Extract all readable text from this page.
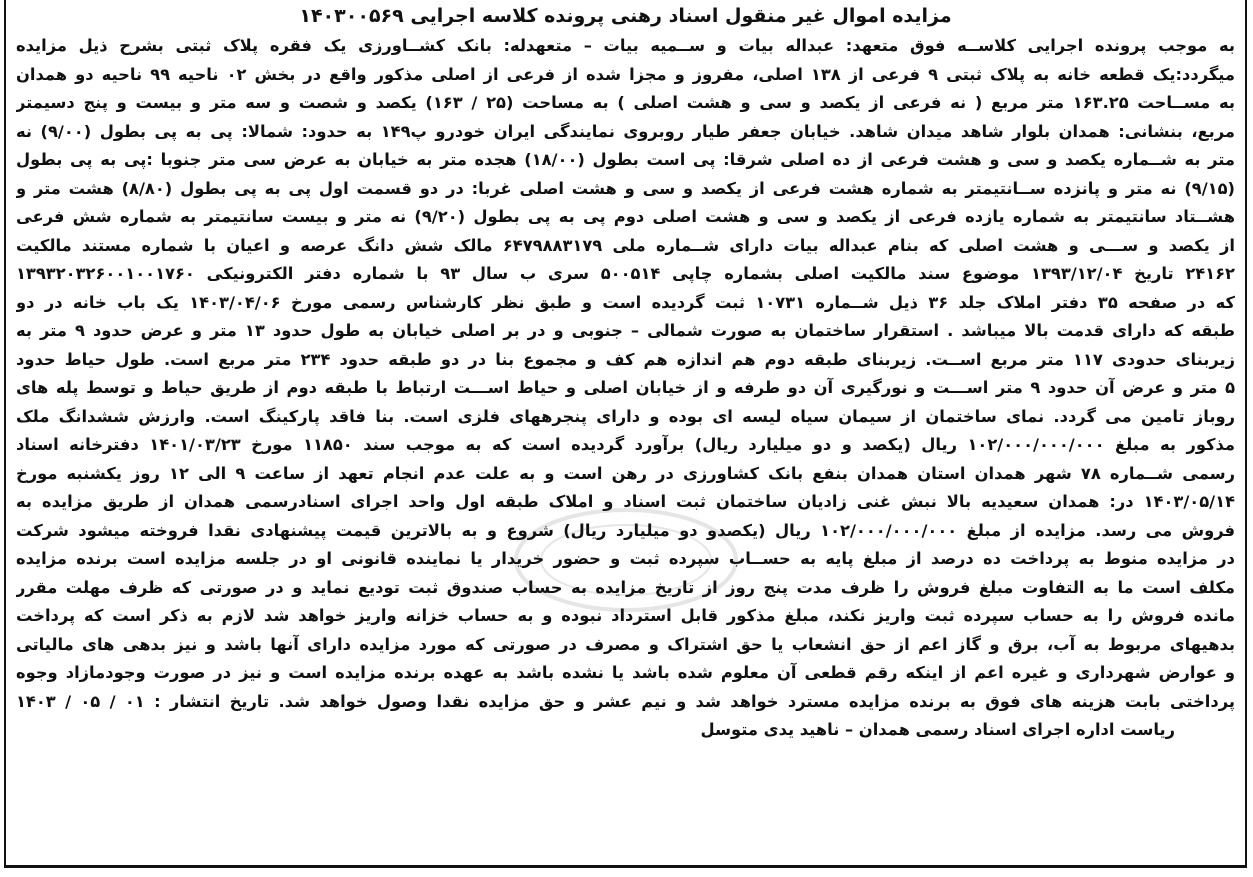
مزایده اموال غیر منقول اسناد رهنی پرونده کلاسه اجرایی ۱۴۰۳۰۰۵۶۹
به موجب پرونده اجرایی کلاســه فوق متعهد: عبداله بیات و ســمیه بیات – متعهدله: بانک کشــاورزی یک فقره پلاک ثبتی بشرح ذیل مزایده
میگردد:یک قطعه خانه به پلاک ثبتی ۹ فرعی از ۱۳۸ اصلی، مفروز و مجزا شده از فرعی از اصلی مذکور واقع در بخش ۰۲ ناحیه ۹۹ ناحیه دو همدان
به مســاحت ۱۶۳.۲۵ متر مربع ( نه فرعی از یکصد و سی و هشت اصلی ) به مساحت (۲۵ / ۱۶۳) یکصد و شصت و سه متر و بیست و پنج دسیمتر
مربع، بنشانی: همدان بلوار شاهد میدان شاهد. خیابان جعفر طیار روبروی نمایندگی ایران خودرو پ۱۴۹ به حدود: شمالا: پی به پی بطول (۹/۰۰) نه
متر به شــماره یکصد و سی و هشت فرعی از ده اصلی شرقا: پی است بطول (۱۸/۰۰) هجده متر به خیابان به عرض سی متر جنوبا :پی به پی بطول
(۹/۱۵) نه متر و پانزده ســانتیمتر به شماره هشت فرعی از یکصد و سی و هشت اصلی غربا: در دو قسمت اول پی به پی بطول (۸/۸۰) هشت متر و
هشــتاد سانتیمتر به شماره یازده فرعی از یکصد و سی و هشت اصلی دوم پی به پی بطول (۹/۲۰) نه متر و بیست سانتیمتر به شماره شش فرعی
از یکصد و ســـی و هشت اصلی که بنام عبداله بیات دارای شــماره ملی ۶۴۷۹۸۸۳۱۷۹ مالک شش دانگ عرصه و اعیان با شماره مستند مالکیت
۲۴۱۶۲ تاریخ ۱۳۹۳/۱۲/۰۴ موضوع سند مالکیت اصلی بشماره چاپی ۵۰۰۵۱۴ سری ب سال ۹۳ با شماره دفتر الکترونیکی ۱۳۹۳۲۰۳۲۶۰۰۱۰۰۱۷۶۰
که در صفحه ۳۵ دفتر املاک جلد ۳۶ ذیل شــماره ۱۰۷۳۱ ثبت گردیده است و طبق نظر کارشناس رسمی مورخ ۱۴۰۳/۰۴/۰۶ یک باب خانه در دو
طبقه که دارای قدمت بالا میباشد . استقرار ساختمان به صورت شمالی – جنوبی و در بر اصلی خیابان به طول حدود ۱۳ متر و عرض حدود ۹ متر به
زیربنای حدودی ۱۱۷ متر مربع اســت. زیربنای طبقه دوم هم اندازه هم کف و مجموع بنا در دو طبقه حدود ۲۳۴ متر مربع است. طول حیاط حدود
۵ متر و عرض آن حدود ۹ متر اســـت و نورگیری آن دو طرفه و از خیابان اصلی و حیاط اســـت ارتباط با طبقه دوم از طریق حیاط و توسط پله های
روباز تامین می گردد. نمای ساختمان از سیمان سیاه لیسه ای بوده و دارای پنجرههای فلزی است. بنا فاقد پارکینگ است. وارزش ششدانگ ملک
مذکور به مبلغ ۱۰۲/۰۰۰/۰۰۰/۰۰۰ ریال (یکصد و دو میلیارد ریال) برآورد گردیده است که به موجب سند ۱۱۸۵۰ مورخ ۱۴۰۱/۰۳/۲۳ دفترخانه اسناد
رسمی شــماره ۷۸ شهر همدان استان همدان بنفع بانک کشاورزی در رهن است و به علت عدم انجام تعهد از ساعت ۹ الی ۱۲ روز یکشنبه مورخ
۱۴۰۳/۰۵/۱۴ در: همدان سعیدیه بالا نبش غنی زادیان ساختمان ثبت اسناد و املاک طبقه اول واحد اجرای اسنادرسمی همدان از طریق مزایده به
فروش می رسد. مزایده از مبلغ ۱۰۲/۰۰۰/۰۰۰/۰۰۰ ریال (یکصدو دو میلیارد ریال) شروع و به بالاترین قیمت پیشنهادی نقدا فروخته میشود شرکت
در مزایده منوط به پرداخت ده درصد از مبلغ پایه به حســاب سپرده ثبت و حضور خریدار یا نماینده قانونی او در جلسه مزایده است برنده مزایده
مکلف است ما به التفاوت مبلغ فروش را ظرف مدت پنج روز از تاریخ مزایده به حساب صندوق ثبت توديع نمايد و در صورتی که ظرف مهلت مقرر
مانده فروش را به حساب سپرده ثبت واریز نکند، مبلغ مذکور قابل استرداد نبوده و به حساب خزانه واریز خواهد شد لازم به ذکر است که پرداخت
بدهیهای مربوط به آب، برق و گاز اعم از حق انشعاب یا حق اشتراک و مصرف در صورتی که مورد مزایده دارای آنها باشد و نیز بدهی های مالیاتی
و عوارض شهرداری و غیره اعم از اینکه رقم قطعی آن معلوم شده باشد یا نشده باشد به عهده برنده مزایده است و نیز در صورت وجودمازاد وجوه
پرداختی بابت هزینه های فوق به برنده مزایده مسترد خواهد شد و نیم عشر و حق مزایده نقدا وصول خواهد شد. تاریخ انتشار : ۰۱ / ۰۵ / ۱۴۰۳
ریاست اداره اجرای اسناد رسمی همدان – ناهید یدی متوسل
